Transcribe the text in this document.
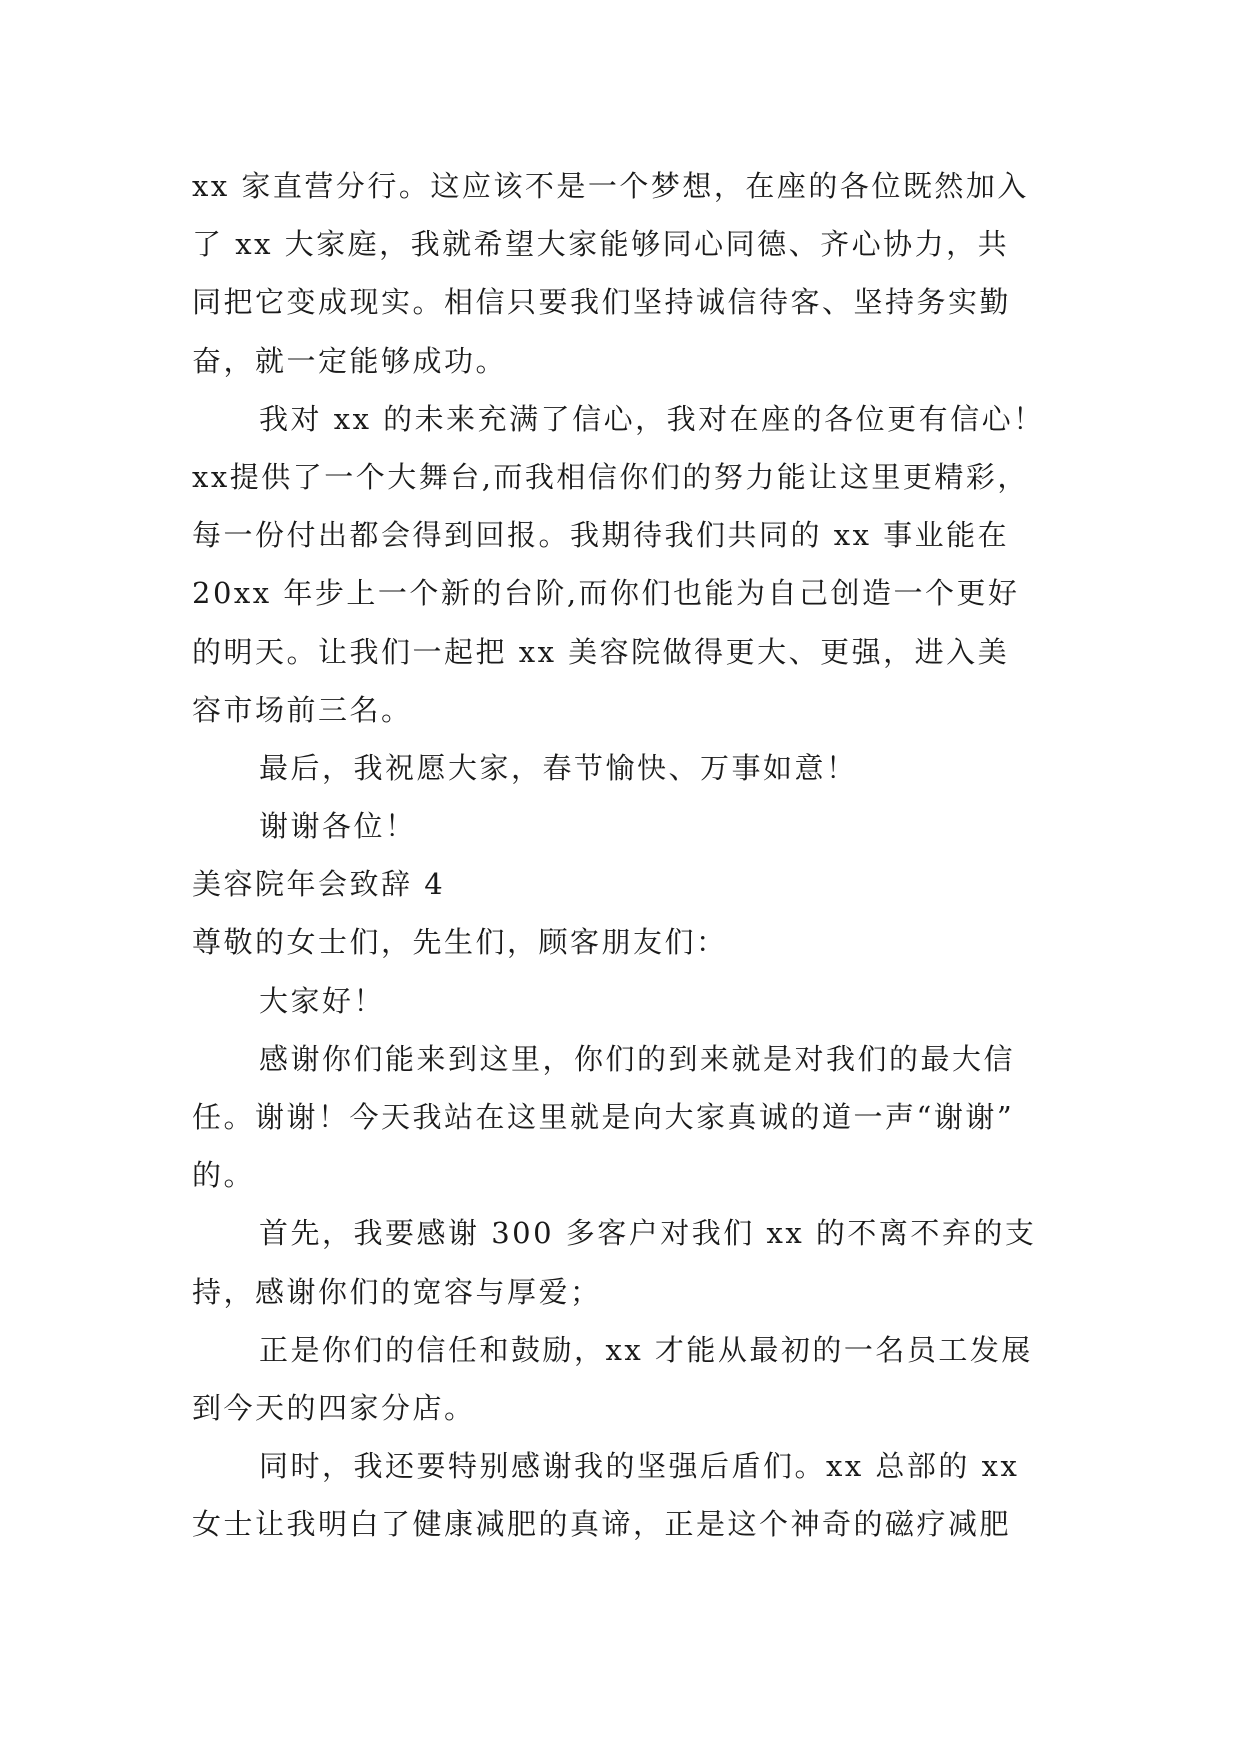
xx 家直营分行。这应该不是一个梦想，在座的各位既然加入
了 xx 大家庭，我就希望大家能够同心同德、齐心协力，共
同把它变成现实。相信只要我们坚持诚信待客、坚持务实勤
奋，就一定能够成功。
我对 xx 的未来充满了信心，我对在座的各位更有信心！
xx提供了一个大舞台,而我相信你们的努力能让这里更精彩，
每一份付出都会得到回报。我期待我们共同的 xx 事业能在
20xx 年步上一个新的台阶,而你们也能为自己创造一个更好
的明天。让我们一起把 xx 美容院做得更大、更强，进入美
容市场前三名。
最后，我祝愿大家，春节愉快、万事如意！
谢谢各位！
美容院年会致辞 4
尊敬的女士们，先生们，顾客朋友们：
大家好！
感谢你们能来到这里，你们的到来就是对我们的最大信
任。谢谢！今天我站在这里就是向大家真诚的道一声“谢谢”
的。
首先，我要感谢 300 多客户对我们 xx 的不离不弃的支
持，感谢你们的宽容与厚爱；
正是你们的信任和鼓励，xx 才能从最初的一名员工发展
到今天的四家分店。
同时，我还要特别感谢我的坚强后盾们。xx 总部的 xx
女士让我明白了健康减肥的真谛，正是这个神奇的磁疗减肥
